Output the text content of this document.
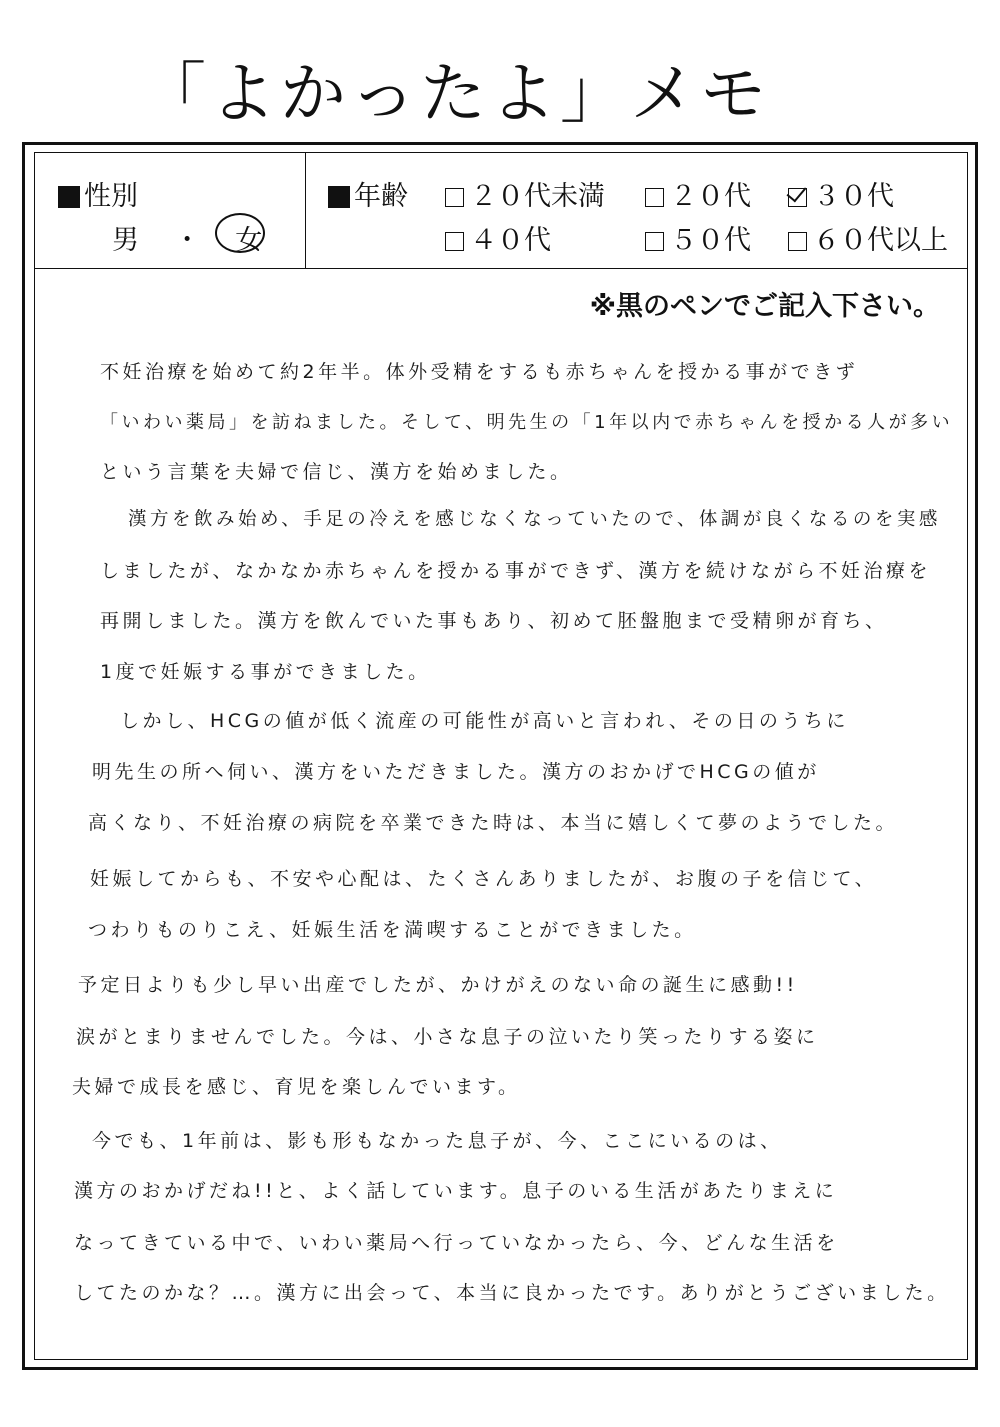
「よかったよ」メモ
性別
男 ・ 女
年齢	２０代未満	２０代	３０代
４０代	５０代	６０代以上
※黒のペンでご記入下さい。
不妊治療を始めて約2年半。体外受精をするも赤ちゃんを授かる事ができず
「いわい薬局」を訪ねました。そして、明先生の「1年以内で赤ちゃんを授かる人が多い
という言葉を夫婦で信じ、漢方を始めました。
漢方を飲み始め、手足の冷えを感じなくなっていたので、体調が良くなるのを実感
しましたが、なかなか赤ちゃんを授かる事ができず、漢方を続けながら不妊治療を
再開しました。漢方を飲んでいた事もあり、初めて胚盤胞まで受精卵が育ち、
1度で妊娠する事ができました。
しかし、HCGの値が低く流産の可能性が高いと言われ、その日のうちに
明先生の所へ伺い、漢方をいただきました。漢方のおかげでHCGの値が
高くなり、不妊治療の病院を卒業できた時は、本当に嬉しくて夢のようでした。
妊娠してからも、不安や心配は、たくさんありましたが、お腹の子を信じて、
つわりものりこえ、妊娠生活を満喫することができました。
予定日よりも少し早い出産でしたが、かけがえのない命の誕生に感動!!
涙がとまりませんでした。今は、小さな息子の泣いたり笑ったりする姿に
夫婦で成長を感じ、育児を楽しんでいます。
今でも、1年前は、影も形もなかった息子が、今、ここにいるのは、
漢方のおかげだね!!と、よく話しています。息子のいる生活があたりまえに
なってきている中で、いわい薬局へ行っていなかったら、今、どんな生活を
してたのかな？…。漢方に出会って、本当に良かったです。ありがとうございました。
